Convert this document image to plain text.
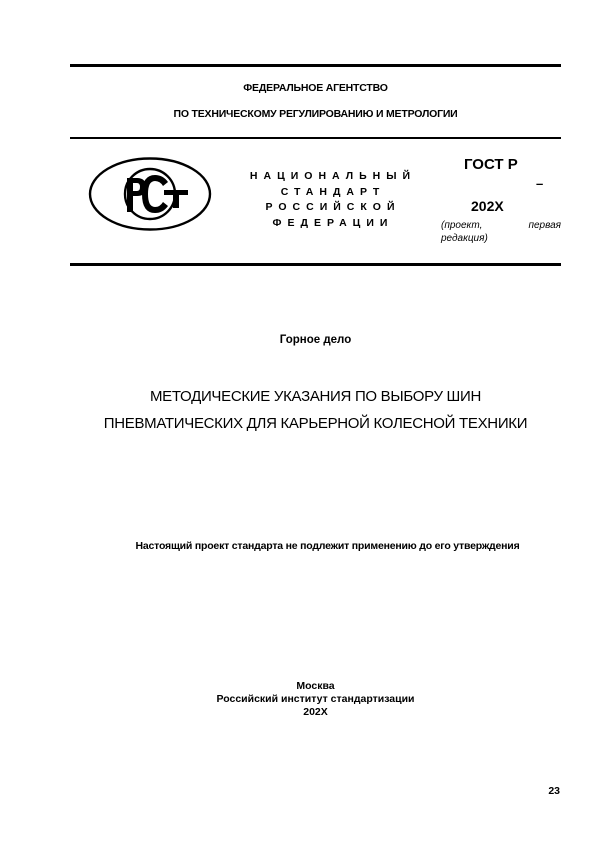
ФЕДЕРАЛЬНОЕ АГЕНТСТВО
ПО ТЕХНИЧЕСКОМУ РЕГУЛИРОВАНИЮ И МЕТРОЛОГИИ
НАЦИОНАЛЬНЫЙ
СТАНДАРТ
РОССИЙСКОЙ
ФЕДЕРАЦИИ
ГОСТ Р
–
202X
(проект, первая редакция)
Горное дело
МЕТОДИЧЕСКИЕ УКАЗАНИЯ ПО ВЫБОРУ ШИН
ПНЕВМАТИЧЕСКИХ ДЛЯ КАРЬЕРНОЙ КОЛЕСНОЙ ТЕХНИКИ
Настоящий проект стандарта не подлежит применению до его утверждения
Москва
Российский институт стандартизации
202X
23
